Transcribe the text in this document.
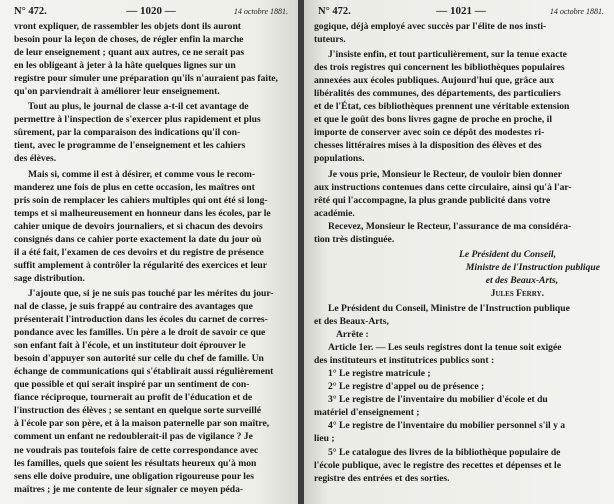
N° 472.	— 1020 —	14 octobre 1881.

vront expliquer, de rassembler les objets dont ils auront

besoin pour la leçon de choses, de régler enfin la marche

de leur enseignement ; quant aux autres, ce ne serait pas

en les obligeant à jeter à la hâte quelques lignes sur un

registre pour simuler une préparation qu'ils n'auraient pas faite,

qu'on parviendrait à améliorer leur enseignement.

Tout au plus, le journal de classe a-t-il cet avantage de

permettre à l'inspection de s'exercer plus rapidement et plus

sûrement, par la comparaison des indications qu'il con-

tient, avec le programme de l'enseignement et les cahiers

des élèves.

Mais si, comme il est à désirer, et comme vous le recom-

manderez une fois de plus en cette occasion, les maîtres ont

pris soin de remplacer les cahiers multiples qui ont été si long-

temps et si malheureusement en honneur dans les écoles, par le

cahier unique de devoirs journaliers, et si chacun des devoirs

consignés dans ce cahier porte exactement la date du jour où

il a été fait, l'examen de ces devoirs et du registre de présence

suffit amplement à contrôler la régularité des exercices et leur

sage distribution.

J'ajoute que, si je ne suis pas touché par les mérites du jour-

nal de classe, je suis frappé au contraire des avantages que

présenterait l'introduction dans les écoles du carnet de corres-

pondance avec les familles. Un père a le droit de savoir ce que

son enfant fait à l'école, et un instituteur doit éprouver le

besoin d'appuyer son autorité sur celle du chef de famille. Un

échange de communications qui s'établirait aussi régulièrement

que possible et qui serait inspiré par un sentiment de con-

fiance réciproque, tournerait au profit de l'éducation et de

l'instruction des élèves ; se sentant en quelque sorte surveillé

à l'école par son père, et à la maison paternelle par son maître,

comment un enfant ne redoublerait-il pas de vigilance ? Je

ne voudrais pas toutefois faire de cette correspondance avec

les familles, quels que soient les résultats heureux qu'à mon

sens elle doive produire, une obligation rigoureuse pour les

maîtres ; je me contente de leur signaler ce moyen péda-

N° 472.	— 1021 —	14 octobre 1881.

gogique, déjà employé avec succès par l'élite de nos insti-

tuteurs.

J'insiste enfin, et tout particulièrement, sur la tenue exacte

des trois registres qui concernent les bibliothèques populaires

annexées aux écoles publiques. Aujourd'hui que, grâce aux

libéralités des communes, des départements, des particuliers

et de l'État, ces bibliothèques prennent une véritable extension

et que le goût des bons livres gagne de proche en proche, il

importe de conserver avec soin ce dépôt des modestes ri-

chesses littéraires mises à la disposition des élèves et des

populations.

Je vous prie, Monsieur le Recteur, de vouloir bien donner

aux instructions contenues dans cette circulaire, ainsi qu'à l'ar-

rêté qui l'accompagne, la plus grande publicité dans votre

académie.

Recevez, Monsieur le Recteur, l'assurance de ma considéra-

tion très distinguée.

Le Président du Conseil,

Ministre de l'Instruction publique

et des Beaux-Arts,

Jules Ferry.

Le Président du Conseil, Ministre de l'Instruction publique

et des Beaux-Arts,

Arrête :

Article 1er. — Les seuls registres dont la tenue soit exigée

des instituteurs et institutrices publics sont :

1° Le registre matricule ;

2° Le registre d'appel ou de présence ;

3° Le registre de l'inventaire du mobilier d'école et du

matériel d'enseignement ;

4° Le registre de l'inventaire du mobilier personnel s'il y a

lieu ;

5° Le catalogue des livres de la bibliothèque populaire de

l'école publique, avec le registre des recettes et dépenses et le

registre des entrées et des sorties.
